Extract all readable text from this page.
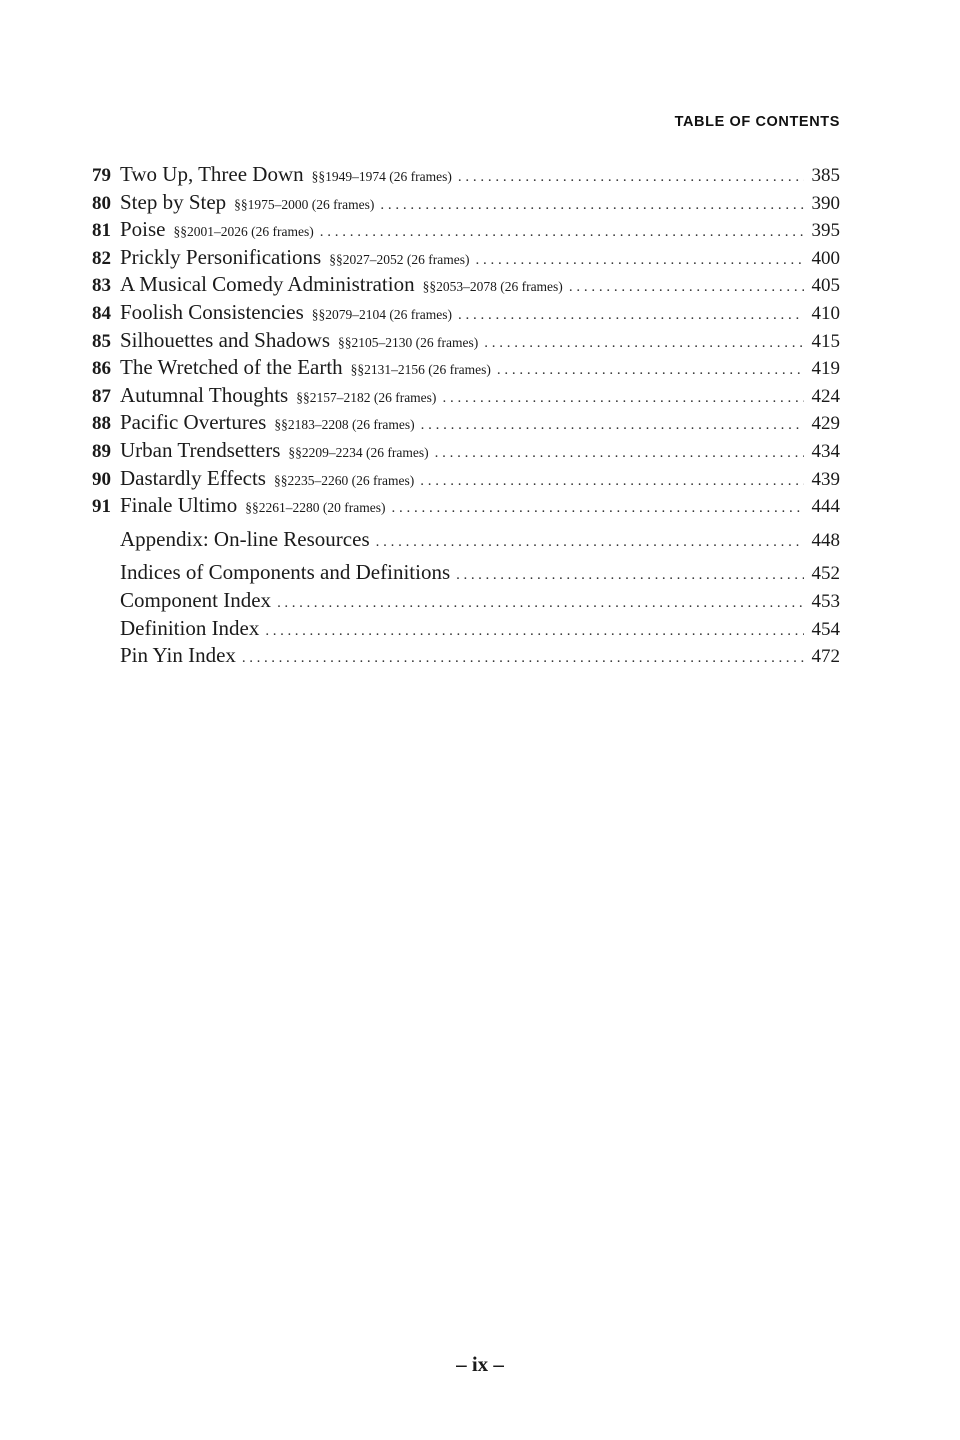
TABLE OF CONTENTS
79 Two Up, Three Down §§1949–1974 (26 frames) . . .	385
80 Step by Step §§1975–2000 (26 frames) . . .	390
81 Poise §§2001–2026 (26 frames) . . .	395
82 Prickly Personifications §§2027–2052 (26 frames) . . .	400
83 A Musical Comedy Administration §§2053–2078 (26 frames) . . .	405
84 Foolish Consistencies §§2079–2104 (26 frames) . . .	410
85 Silhouettes and Shadows §§2105–2130 (26 frames) . . .	415
86 The Wretched of the Earth §§2131–2156 (26 frames) . . .	419
87 Autumnal Thoughts §§2157–2182 (26 frames) . . .	424
88 Pacific Overtures §§2183–2208 (26 frames) . . .	429
89 Urban Trendsetters §§2209–2234 (26 frames) . . .	434
90 Dastardly Effects §§2235–2260 (26 frames) . . .	439
91 Finale Ultimo §§2261–2280 (20 frames) . . .	444
Appendix: On-line Resources . . .	448
Indices of Components and Definitions .....	452
Component Index .....	453
Definition Index .....	454
Pin Yin Index .....	472
– ix –
